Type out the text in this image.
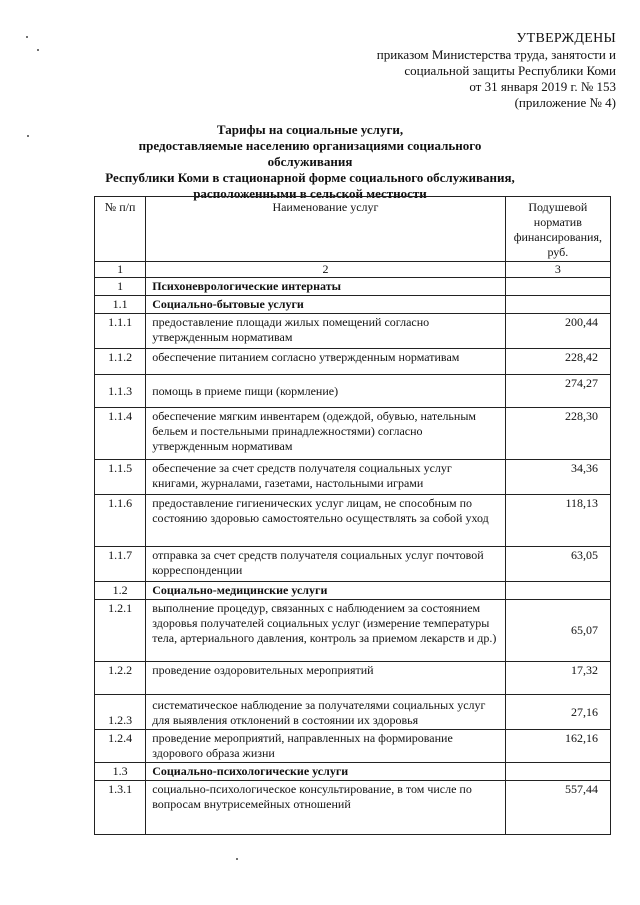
УТВЕРЖДЕНЫ
приказом Министерства труда, занятости и
социальной защиты Республики Коми
от 31 января 2019 г. № 153
(приложение № 4)
Тарифы на социальные услуги,
предоставляемые населению организациями социального обслуживания
Республики Коми в стационарной форме социального обслуживания,
расположенными в сельской местности
№ п/п	Наименование услуг	Подушевой норматив финансирования, руб.
1	2	3
1	Психоневрологические интернаты	
1.1	Социально-бытовые услуги	
1.1.1	предоставление площади жилых помещений согласно утвержденным нормативам	200,44
1.1.2	обеспечение питанием согласно утвержденным нормативам	228,42
1.1.3	помощь в приеме пищи (кормление)	274,27
1.1.4	обеспечение мягким инвентарем (одеждой, обувью, нательным бельем и постельными принадлежностями) согласно утвержденным нормативам	228,30
1.1.5	обеспечение за счет средств получателя социальных услуг книгами, журналами, газетами, настольными играми	34,36
1.1.6	предоставление гигиенических услуг лицам, не способным по состоянию здоровью самостоятельно осуществлять за собой уход	118,13
1.1.7	отправка за счет средств получателя социальных услуг почтовой корреспонденции	63,05
1.2	Социально-медицинские услуги	
1.2.1	выполнение процедур, связанных с наблюдением за состоянием здоровья получателей социальных услуг (измерение температуры тела, артериального давления, контроль за приемом лекарств и др.)	65,07
1.2.2	проведение оздоровительных мероприятий	17,32
1.2.3	систематическое наблюдение за получателями социальных услуг для выявления отклонений в состоянии их здоровья	27,16
1.2.4	проведение мероприятий, направленных на формирование здорового образа жизни	162,16
1.3	Социально-психологические услуги	
1.3.1	социально-психологическое консультирование, в том числе по вопросам внутрисемейных отношений	557,44
